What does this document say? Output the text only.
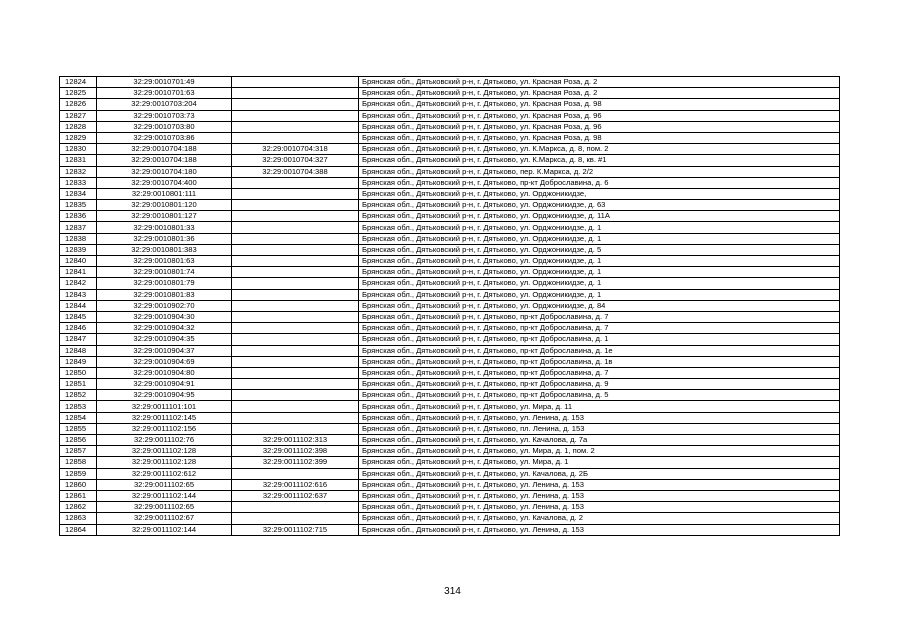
12824	32:29:0010701:49		Брянская обл., Дятьковский р-н, г. Дятьково, ул. Красная Роза, д. 2
12825	32:29:0010701:63		Брянская обл., Дятьковский р-н, г. Дятьково, ул. Красная Роза, д. 2
12826	32:29:0010703:204		Брянская обл., Дятьковский р-н, г. Дятьково, ул. Красная Роза, д. 98
12827	32:29:0010703:73		Брянская обл., Дятьковский р-н, г. Дятьково, ул. Красная Роза, д. 96
12828	32:29:0010703:80		Брянская обл., Дятьковский р-н, г. Дятьково, ул. Красная Роза, д. 96
12829	32:29:0010703:86		Брянская обл., Дятьковский р-н, г. Дятьково, ул. Красная Роза, д. 98
12830	32:29:0010704:188	32:29:0010704:318	Брянская обл., Дятьковский р-н, г. Дятьково, ул. К.Маркса, д. 8, пом. 2
12831	32:29:0010704:188	32:29:0010704:327	Брянская обл., Дятьковский р-н, г. Дятьково, ул. К.Маркса, д. 8, кв. #1
12832	32:29:0010704:180	32:29:0010704:388	Брянская обл., Дятьковский р-н, г. Дятьково, пер. К.Маркса, д. 2/2
12833	32:29:0010704:400		Брянская обл., Дятьковский р-н, г. Дятьково, пр-кт Доброславина, д. 6
12834	32:29:0010801:111		Брянская обл., Дятьковский р-н, г. Дятьково, ул. Орджоникидзе,
12835	32:29:0010801:120		Брянская обл., Дятьковский р-н, г. Дятьково, ул. Орджоникидзе, д. 63
12836	32:29:0010801:127		Брянская обл., Дятьковский р-н, г. Дятьково, ул. Орджоникидзе, д. 11А
12837	32:29:0010801:33		Брянская обл., Дятьковский р-н, г. Дятьково, ул. Орджоникидзе, д. 1
12838	32:29:0010801:36		Брянская обл., Дятьковский р-н, г. Дятьково, ул. Орджоникидзе, д. 1
12839	32:29:0010801:383		Брянская обл., Дятьковский р-н, г. Дятьково, ул. Орджоникидзе, д. 5
12840	32:29:0010801:63		Брянская обл., Дятьковский р-н, г. Дятьково, ул. Орджоникидзе, д. 1
12841	32:29:0010801:74		Брянская обл., Дятьковский р-н, г. Дятьково, ул. Орджоникидзе, д. 1
12842	32:29:0010801:79		Брянская обл., Дятьковский р-н, г. Дятьково, ул. Орджоникидзе, д. 1
12843	32:29:0010801:83		Брянская обл., Дятьковский р-н, г. Дятьково, ул. Орджоникидзе, д. 1
12844	32:29:0010902:70		Брянская обл., Дятьковский р-н, г. Дятьково, ул. Орджоникидзе, д. 84
12845	32:29:0010904:30		Брянская обл., Дятьковский р-н, г. Дятьково, пр-кт Доброславина, д. 7
12846	32:29:0010904:32		Брянская обл., Дятьковский р-н, г. Дятьково, пр-кт Доброславина, д. 7
12847	32:29:0010904:35		Брянская обл., Дятьковский р-н, г. Дятьково, пр-кт Доброславина, д. 1
12848	32:29:0010904:37		Брянская обл., Дятьковский р-н, г. Дятьково, пр-кт Доброславина, д. 1е
12849	32:29:0010904:69		Брянская обл., Дятьковский р-н, г. Дятьково, пр-кт Доброславина, д. 1в
12850	32:29:0010904:80		Брянская обл., Дятьковский р-н, г. Дятьково, пр-кт Доброславина, д. 7
12851	32:29:0010904:91		Брянская обл., Дятьковский р-н, г. Дятьково, пр-кт Доброславина, д. 9
12852	32:29:0010904:95		Брянская обл., Дятьковский р-н, г. Дятьково, пр-кт Доброславина, д. 5
12853	32:29:0011101:101		Брянская обл., Дятьковский р-н, г. Дятьково, ул. Мира, д. 11
12854	32:29:0011102:145		Брянская обл., Дятьковский р-н, г. Дятьково, ул. Ленина, д. 153
12855	32:29:0011102:156		Брянская обл., Дятьковский р-н, г. Дятьково, пл. Ленина, д. 153
12856	32:29:0011102:76	32:29:0011102:313	Брянская обл., Дятьковский р-н, г. Дятьково, ул. Качалова, д. 7а
12857	32:29:0011102:128	32:29:0011102:398	Брянская обл., Дятьковский р-н, г. Дятьково, ул. Мира, д. 1, пом. 2
12858	32:29:0011102:128	32:29:0011102:399	Брянская обл., Дятьковский р-н, г. Дятьково, ул. Мира, д. 1
12859	32:29:0011102:612		Брянская обл., Дятьковский р-н, г. Дятьково, ул. Качалова, д. 2Б
12860	32:29:0011102:65	32:29:0011102:616	Брянская обл., Дятьковский р-н, г. Дятьково, ул. Ленина, д. 153
12861	32:29:0011102:144	32:29:0011102:637	Брянская обл., Дятьковский р-н, г. Дятьково, ул. Ленина, д. 153
12862	32:29:0011102:65		Брянская обл., Дятьковский р-н, г. Дятьково, ул. Ленина, д. 153
12863	32:29:0011102:67		Брянская обл., Дятьковский р-н, г. Дятьково, ул. Качалова, д. 2
12864	32:29:0011102:144	32:29:0011102:715	Брянская обл., Дятьковский р-н, г. Дятьково, ул. Ленина, д. 153
314
